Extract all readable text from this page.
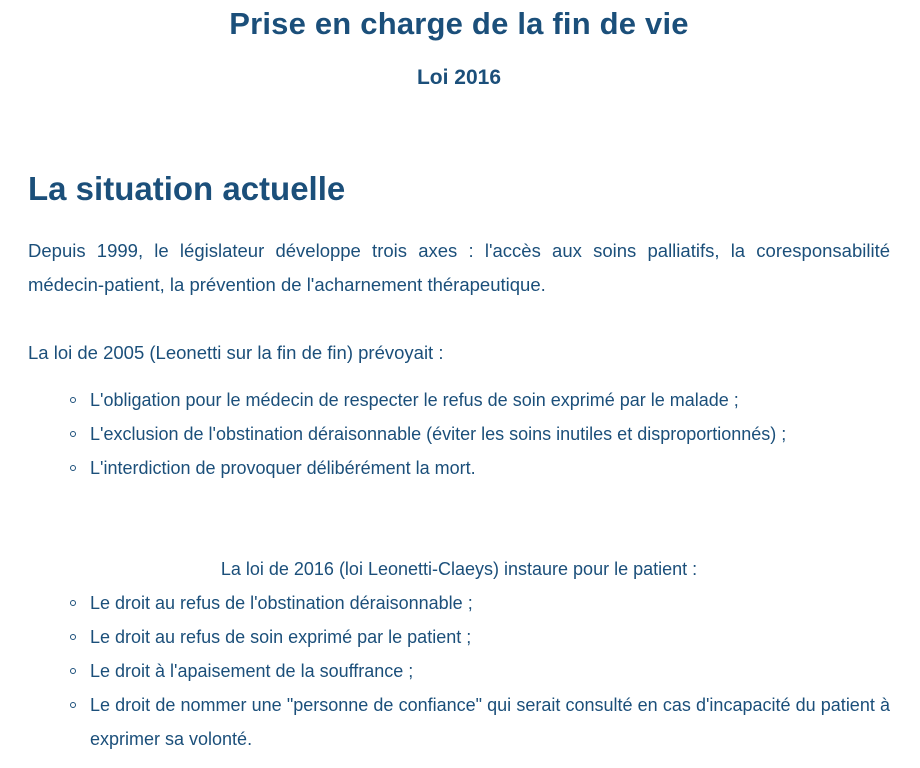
Prise en charge de la fin de vie
Loi 2016
La situation actuelle

Depuis 1999, le législateur développe trois axes : l'accès aux soins palliatifs, la coresponsabilité médecin-patient, la prévention de l'acharnement thérapeutique.

La loi de 2005 (Leonetti sur la fin de fin) prévoyait :

L'obligation pour le médecin de respecter le refus de soin exprimé par le malade ;
L'exclusion de l'obstination déraisonnable (éviter les soins inutiles et disproportionnés) ;
L'interdiction de provoquer délibérément la mort.

La loi de 2016 (loi Leonetti-Claeys) instaure pour le patient :

Le droit au refus de l'obstination déraisonnable ;
Le droit au refus de soin exprimé par le patient ;
Le droit à l'apaisement de la souffrance ;
Le droit de nommer une "personne de confiance" qui serait consulté en cas d'incapacité du patient à exprimer sa volonté.
